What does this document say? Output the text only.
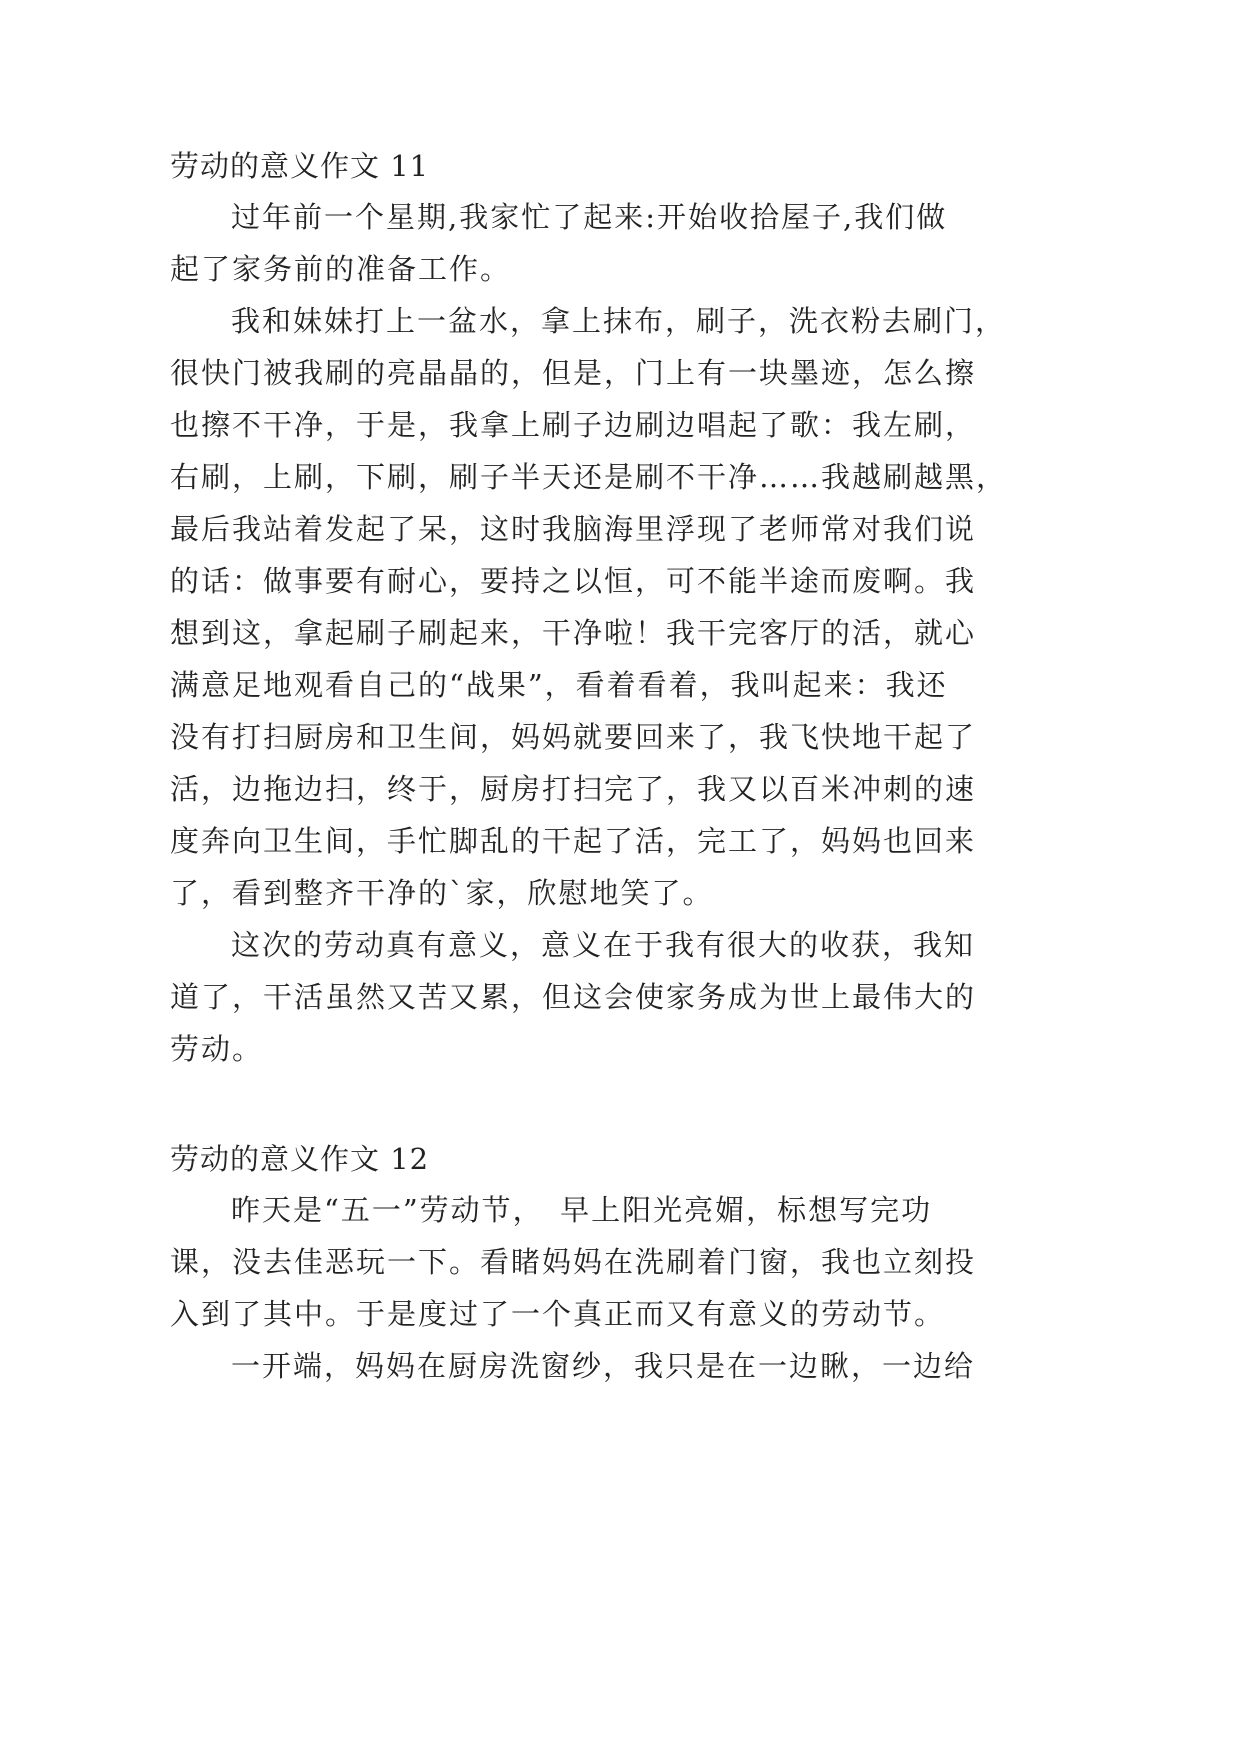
劳动的意义作文 11
过年前一个星期,我家忙了起来:开始收拾屋子,我们做
起了家务前的准备工作。
我和妹妹打上一盆水，拿上抹布，刷子，洗衣粉去刷门，
很快门被我刷的亮晶晶的，但是，门上有一块墨迹，怎么擦
也擦不干净，于是，我拿上刷子边刷边唱起了歌：我左刷，
右刷，上刷，下刷，刷子半天还是刷不干净……我越刷越黑，
最后我站着发起了呆，这时我脑海里浮现了老师常对我们说
的话：做事要有耐心，要持之以恒，可不能半途而废啊。我
想到这，拿起刷子刷起来，干净啦！我干完客厅的活，就心
满意足地观看自己的“战果”，看着看着，我叫起来：我还
没有打扫厨房和卫生间，妈妈就要回来了，我飞快地干起了
活，边拖边扫，终于，厨房打扫完了，我又以百米冲刺的速
度奔向卫生间，手忙脚乱的干起了活，完工了，妈妈也回来
了，看到整齐干净的`家，欣慰地笑了。
这次的劳动真有意义，意义在于我有很大的收获，我知
道了，干活虽然又苦又累，但这会使家务成为世上最伟大的
劳动。
劳动的意义作文 12
昨天是“五一”劳动节，　早上阳光亮媚，标想写完功
课，没去佳恶玩一下。看睹妈妈在洗刷着门窗，我也立刻投
入到了其中。于是度过了一个真正而又有意义的劳动节。
一开端，妈妈在厨房洗窗纱，我只是在一边瞅，一边给
